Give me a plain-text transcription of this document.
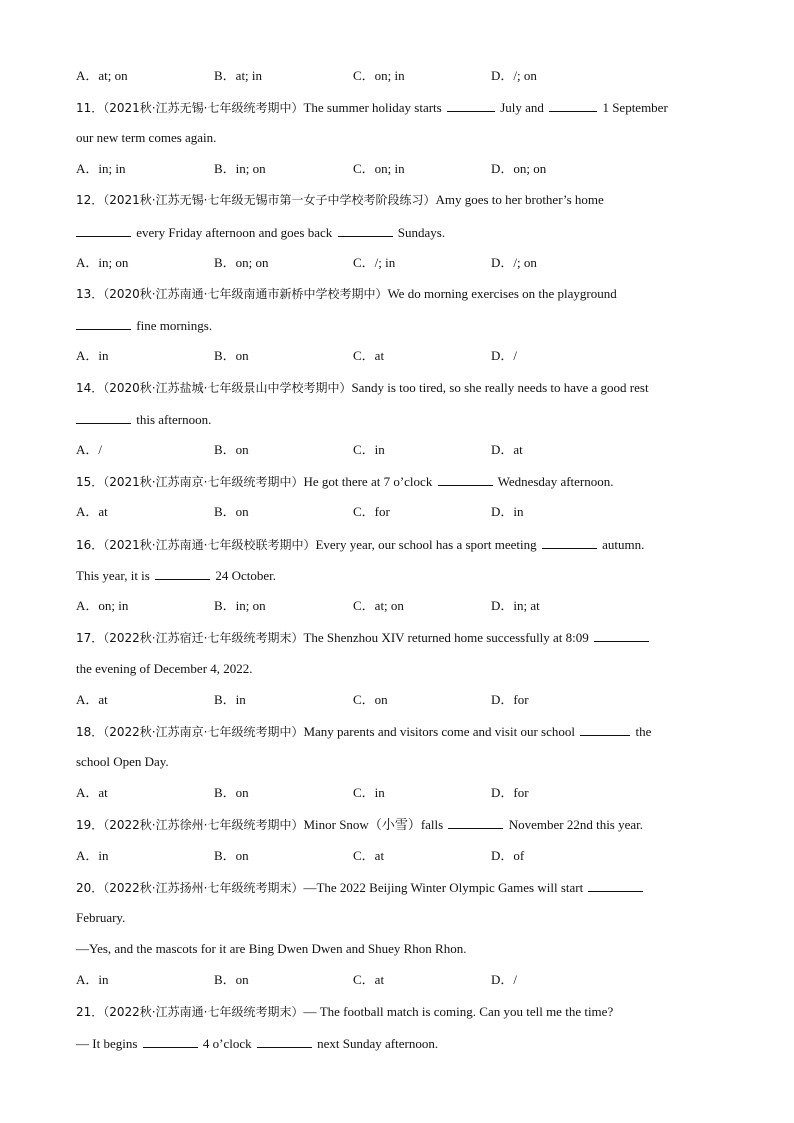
A．at; on	B．at; in	C．on; in	D．/; on
11．（2021秋·江苏无锡·七年级统考期中）The summer holiday starts	July and	1 September
our new term comes again.
A．in; in	B．in; on	C．on; in	D．on; on
12．（2021秋·江苏无锡·七年级无锡市第一女子中学校考阶段练习）Amy goes to her brother’s home
every Friday afternoon and goes back	Sundays.
A．in; on	B．on; on	C．/; in	D．/; on
13．（2020秋·江苏南通·七年级南通市新桥中学校考期中）We do morning exercises on the playground
fine mornings.
A．in	B．on	C．at	D．/
14．（2020秋·江苏盐城·七年级景山中学校考期中）Sandy is too tired, so she really needs to have a good rest
this afternoon.
A．/	B．on	C．in	D．at
15．（2021秋·江苏南京·七年级统考期中）He got there at 7 o’clock	Wednesday afternoon.
A．at	B．on	C．for	D．in
16．（2021秋·江苏南通·七年级校联考期中）Every year, our school has a sport meeting	autumn.
This year, it is	24 October.
A．on; in	B．in; on	C．at; on	D．in; at
17．（2022秋·江苏宿迁·七年级统考期末）The Shenzhou XIV returned home successfully at 8:09
the evening of December 4, 2022.
A．at	B．in	C．on	D．for
18．（2022秋·江苏南京·七年级统考期中）Many parents and visitors come and visit our school	the
school Open Day.
A．at	B．on	C．in	D．for
19．（2022秋·江苏徐州·七年级统考期中）Minor Snow（小雪）falls	November 22nd this year.
A．in	B．on	C．at	D．of
20．（2022秋·江苏扬州·七年级统考期末）—The 2022 Beijing Winter Olympic Games will start
February.
—Yes, and the mascots for it are Bing Dwen Dwen and Shuey Rhon Rhon.
A．in	B．on	C．at	D．/
21．（2022秋·江苏南通·七年级统考期末）— The football match is coming. Can you tell me the time?
— It begins	4 o’clock	next Sunday afternoon.
